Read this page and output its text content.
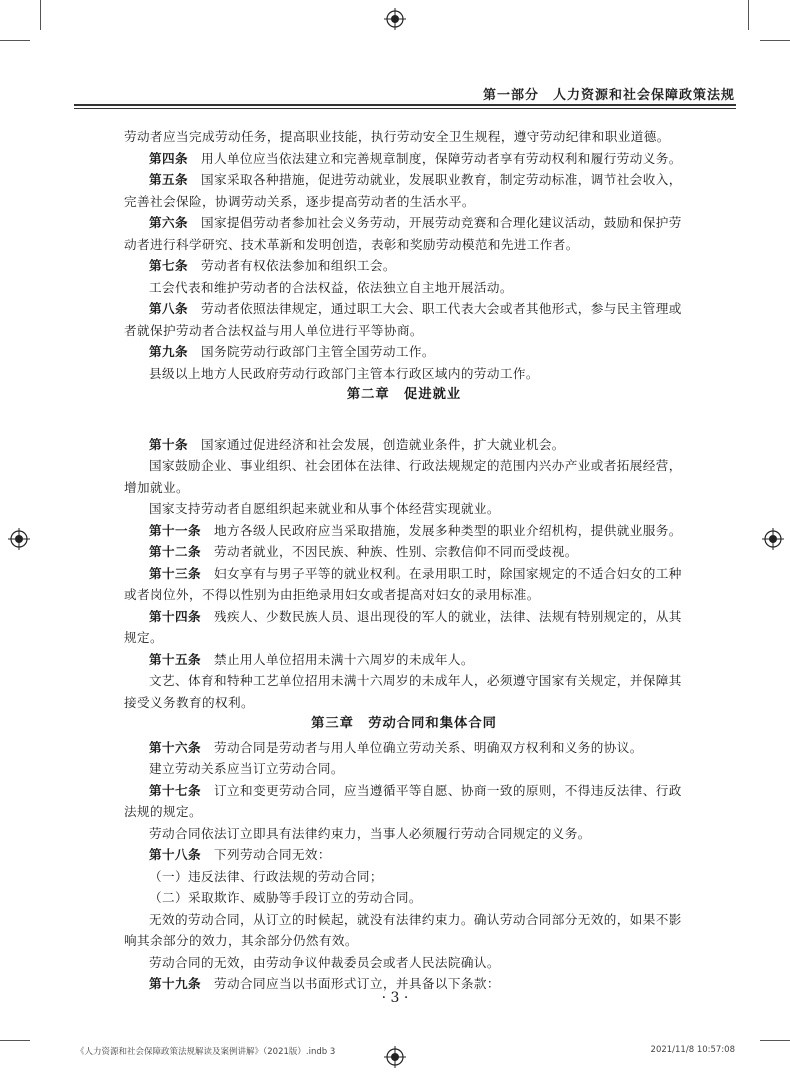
第一部分　人力资源和社会保障政策法规

劳动者应当完成劳动任务，提高职业技能，执行劳动安全卫生规程，遵守劳动纪律和职业道德。

第四条　用人单位应当依法建立和完善规章制度，保障劳动者享有劳动权利和履行劳动义务。

第五条　国家采取各种措施，促进劳动就业，发展职业教育，制定劳动标准，调节社会收入，完善社会保险，协调劳动关系，逐步提高劳动者的生活水平。

第六条　国家提倡劳动者参加社会义务劳动，开展劳动竞赛和合理化建议活动，鼓励和保护劳动者进行科学研究、技术革新和发明创造，表彰和奖励劳动模范和先进工作者。

第七条　劳动者有权依法参加和组织工会。

工会代表和维护劳动者的合法权益，依法独立自主地开展活动。

第八条　劳动者依照法律规定，通过职工大会、职工代表大会或者其他形式，参与民主管理或者就保护劳动者合法权益与用人单位进行平等协商。

第九条　国务院劳动行政部门主管全国劳动工作。

县级以上地方人民政府劳动行政部门主管本行政区域内的劳动工作。

第二章　促进就业

第十条　国家通过促进经济和社会发展，创造就业条件，扩大就业机会。

国家鼓励企业、事业组织、社会团体在法律、行政法规规定的范围内兴办产业或者拓展经营，增加就业。

国家支持劳动者自愿组织起来就业和从事个体经营实现就业。

第十一条　地方各级人民政府应当采取措施，发展多种类型的职业介绍机构，提供就业服务。

第十二条　劳动者就业，不因民族、种族、性别、宗教信仰不同而受歧视。

第十三条　妇女享有与男子平等的就业权利。在录用职工时，除国家规定的不适合妇女的工种或者岗位外，不得以性别为由拒绝录用妇女或者提高对妇女的录用标准。

第十四条　残疾人、少数民族人员、退出现役的军人的就业，法律、法规有特别规定的，从其规定。

第十五条　禁止用人单位招用未满十六周岁的未成年人。

文艺、体育和特种工艺单位招用未满十六周岁的未成年人，必须遵守国家有关规定，并保障其接受义务教育的权利。

第三章　劳动合同和集体合同

第十六条　劳动合同是劳动者与用人单位确立劳动关系、明确双方权利和义务的协议。

建立劳动关系应当订立劳动合同。

第十七条　订立和变更劳动合同，应当遵循平等自愿、协商一致的原则，不得违反法律、行政法规的规定。

劳动合同依法订立即具有法律约束力，当事人必须履行劳动合同规定的义务。

第十八条　下列劳动合同无效：

（一）违反法律、行政法规的劳动合同；

（二）采取欺诈、威胁等手段订立的劳动合同。

无效的劳动合同，从订立的时候起，就没有法律约束力。确认劳动合同部分无效的，如果不影响其余部分的效力，其余部分仍然有效。

劳动合同的无效，由劳动争议仲裁委员会或者人民法院确认。

第十九条　劳动合同应当以书面形式订立，并具备以下条款：

· 3 ·
《人力资源和社会保障政策法规解读及案例讲解》（2021版）.indb 3	2021/11/8 10:57:08
